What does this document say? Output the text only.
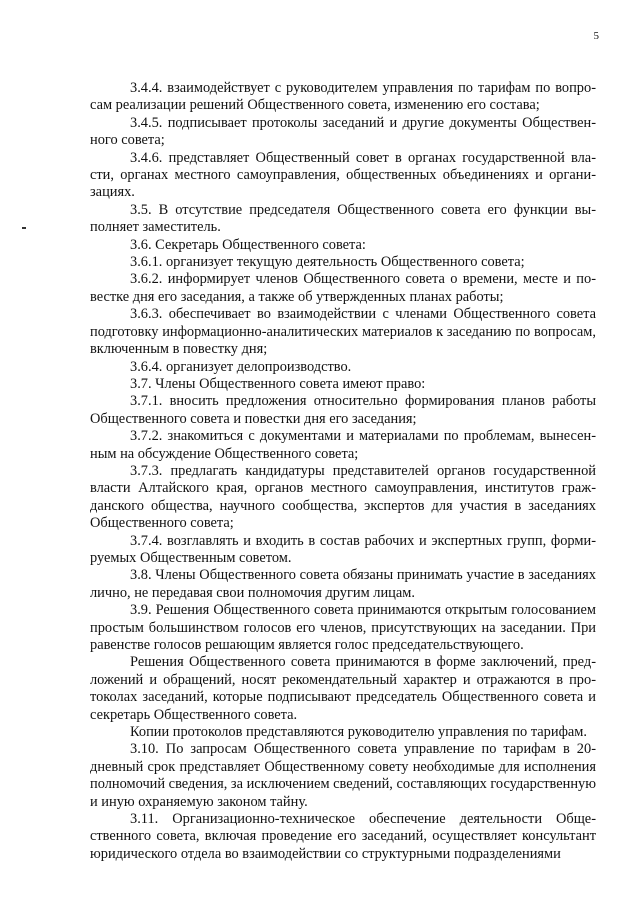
5

3.4.4. взаимодействует с руководителем управления по тарифам по вопросам реализации решений Общественного совета, изменению его состава;

3.4.5. подписывает протоколы заседаний и другие документы Общественного совета;

3.4.6. представляет Общественный совет в органах государственной власти, органах местного самоуправления, общественных объединениях и организациях.

3.5. В отсутствие председателя Общественного совета его функции выполняет заместитель.

3.6. Секретарь Общественного совета:

3.6.1. организует текущую деятельность Общественного совета;

3.6.2. информирует членов Общественного совета о времени, месте и повестке дня его заседания, а также об утвержденных планах работы;

3.6.3. обеспечивает во взаимодействии с членами Общественного совета подготовку информационно-аналитических материалов к заседанию по вопросам, включенным в повестку дня;

3.6.4. организует делопроизводство.

3.7. Члены Общественного совета имеют право:

3.7.1. вносить предложения относительно формирования планов работы Общественного совета и повестки дня его заседания;

3.7.2. знакомиться с документами и материалами по проблемам, вынесенным на обсуждение Общественного совета;

3.7.3. предлагать кандидатуры представителей органов государственной власти Алтайского края, органов местного самоуправления, институтов гражданского общества, научного сообщества, экспертов для участия в заседаниях Общественного совета;

3.7.4. возглавлять и входить в состав рабочих и экспертных групп, формируемых Общественным советом.

3.8. Члены Общественного совета обязаны принимать участие в заседаниях лично, не передавая свои полномочия другим лицам.

3.9. Решения Общественного совета принимаются открытым голосованием простым большинством голосов его членов, присутствующих на заседании. При равенстве голосов решающим является голос председательствующего.

Решения Общественного совета принимаются в форме заключений, предложений и обращений, носят рекомендательный характер и отражаются в протоколах заседаний, которые подписывают председатель Общественного совета и секретарь Общественного совета.

Копии протоколов представляются руководителю управления по тарифам.

3.10. По запросам Общественного совета управление по тарифам в 20-дневный срок представляет Общественному совету необходимые для исполнения полномочий сведения, за исключением сведений, составляющих государственную и иную охраняемую законом тайну.

3.11. Организационно-техническое обеспечение деятельности Общественного совета, включая проведение его заседаний, осуществляет консультант юридического отдела во взаимодействии со структурными подразделениями
